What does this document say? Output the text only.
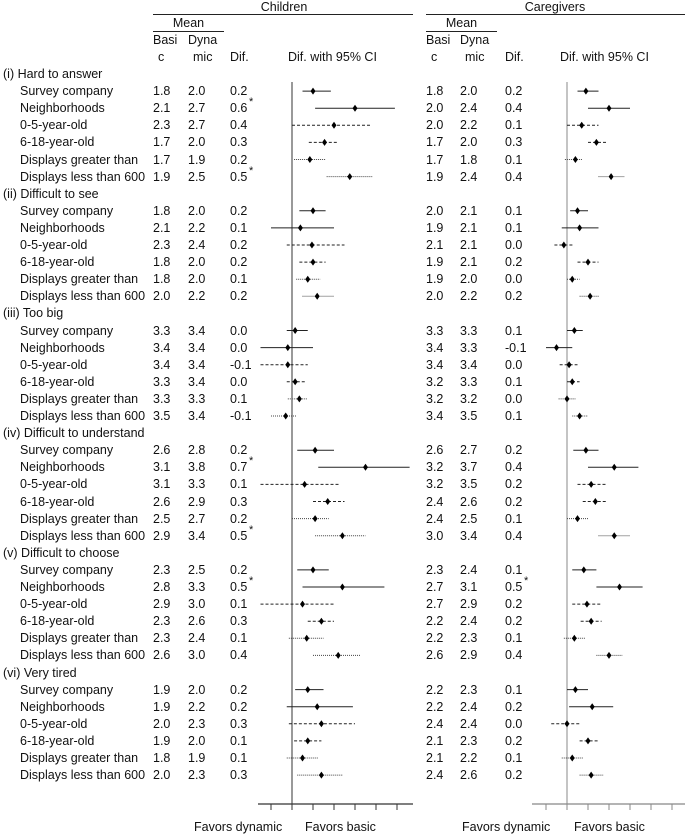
Children
Mean
Basi Dyna
c mic Dif.	Dif. with 95% CI
Favors dynamic Favors basic
Caregivers
Mean
Basi Dyna
c mic Dif.	Dif. with 95% CI
Favors dynamic Favors basic
(i) Hard to answer
Survey company	1.8 2.0 0.2	1.8 2.0 0.2
Neighborhoods	2.1 2.7 0.6 *	2.0 2.4 0.4
0-5-year-old	2.3 2.7 0.4	2.0 2.2 0.1
6-18-year-old	1.7 2.0 0.3	1.7 2.0 0.3
Displays greater than 1.7 1.9 0.2	1.7 1.8 0.1
Displays less than 600 1.9 2.5 0.5 *	1.9 2.4 0.4
(ii) Difficult to see
Survey company	1.8 2.0 0.2	2.0 2.1 0.1
Neighborhoods	2.1 2.2 0.1	1.9 2.1 0.1
0-5-year-old	2.3 2.4 0.2	2.1 2.1 0.0
6-18-year-old	1.8 2.0 0.2	1.9 2.1 0.2
Displays greater than 1.8 2.0 0.1	1.9 2.0 0.0
Displays less than 600 2.0 2.2 0.2	2.0 2.2 0.2
(iii) Too big
Survey company	3.3 3.4 0.0	3.3 3.3 0.1
Neighborhoods	3.4 3.4 0.0	3.4 3.3 -0.1
0-5-year-old	3.4 3.4 -0.1	3.4 3.4 0.0
6-18-year-old	3.3 3.4 0.0	3.2 3.3 0.1
Displays greater than 3.3 3.3 0.1	3.2 3.2 0.0
Displays less than 600 3.5 3.4 -0.1	3.4 3.5 0.1
(iv) Difficult to understand
Survey company	2.6 2.8 0.2	2.6 2.7 0.2
Neighborhoods	3.1 3.8 0.7 *	3.2 3.7 0.4
0-5-year-old	3.1 3.3 0.1	3.2 3.5 0.2
6-18-year-old	2.6 2.9 0.3	2.4 2.6 0.2
Displays greater than 2.5 2.7 0.2	2.4 2.5 0.1
Displays less than 600 2.9 3.4 0.5 *	3.0 3.4 0.4
(v) Difficult to choose
Survey company	2.3 2.5 0.2	2.3 2.4 0.1
Neighborhoods	2.8 3.3 0.5 *	2.7 3.1 0.5 *
0-5-year-old	2.9 3.0 0.1	2.7 2.9 0.2
6-18-year-old	2.3 2.6 0.3	2.2 2.4 0.2
Displays greater than 2.3 2.4 0.1	2.2 2.3 0.1
Displays less than 600 2.6 3.0 0.4	2.6 2.9 0.4
(vi) Very tired
Survey company	1.9 2.0 0.2	2.2 2.3 0.1
Neighborhoods	1.9 2.2 0.2	2.2 2.4 0.2
0-5-year-old	2.0 2.3 0.3	2.4 2.4 0.0
6-18-year-old	1.9 2.0 0.1	2.1 2.3 0.2
Displays greater than 1.8 1.9 0.1	2.1 2.2 0.1
Displays less than 600 2.0 2.3 0.3	2.4 2.6 0.2
